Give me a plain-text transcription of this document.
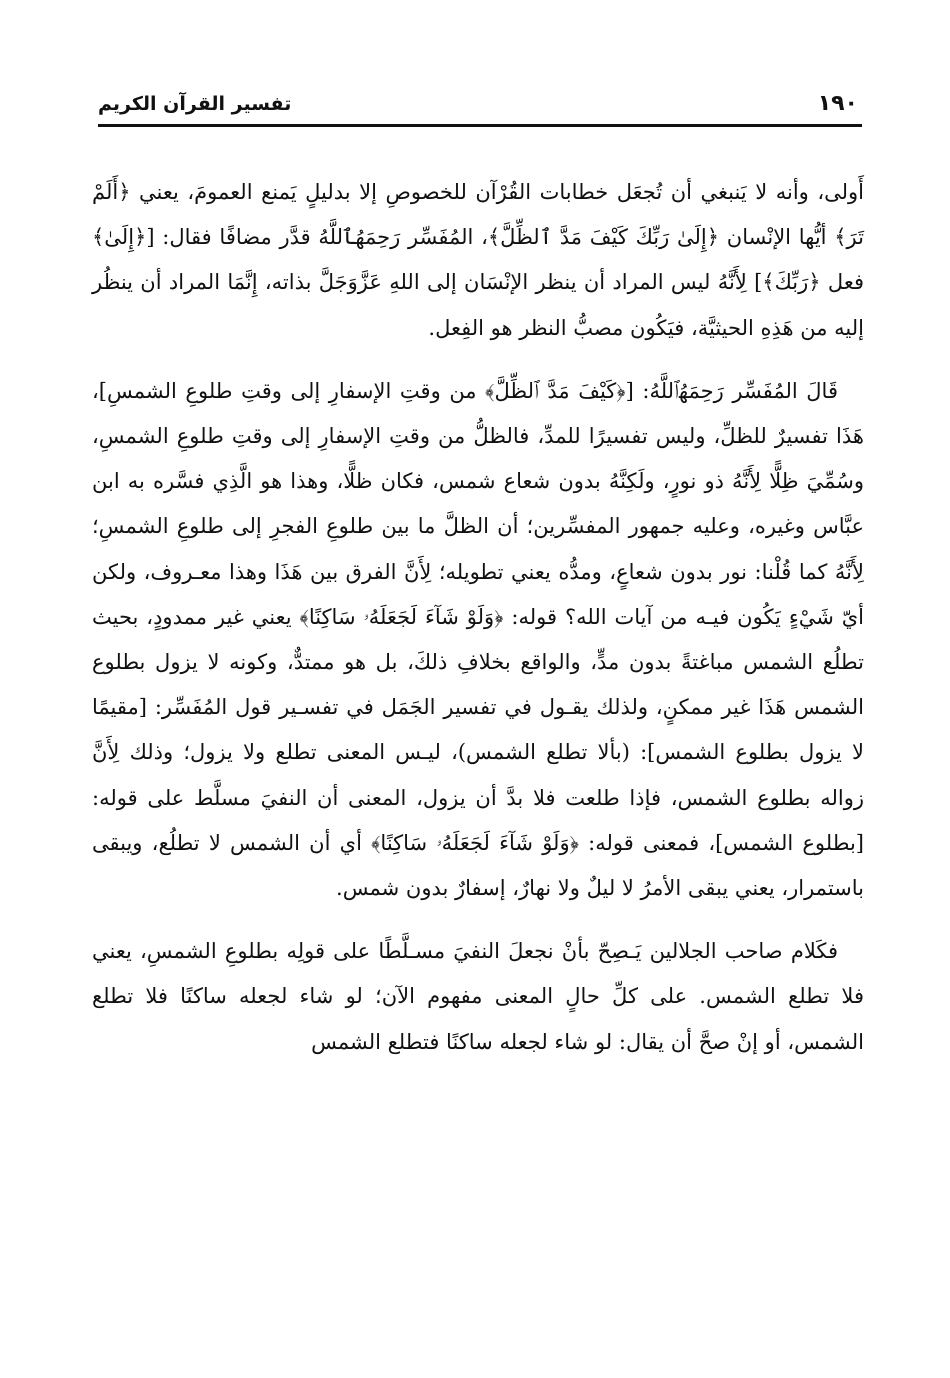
١٩٠
تفسير القرآن الكريم

أَولى، وأنه لا يَنبغي أن تُجعَل خطابات القُرْآن للخصوصِ إلا بدليلٍ يَمنع العمومَ، يعني ﴿أَلَمْ تَرَ﴾ أيُّها الإنْسان ﴿إِلَىٰ رَبِّكَ كَيْفَ مَدَّ ٱلظِّلَّ﴾، المُفَسِّر رَحِمَهُٱللَّهُ قدَّر مضافًا فقال: [﴿إِلَىٰ﴾ فعل ﴿رَبِّكَ﴾] لِأَنَّهُ ليس المراد أن ينظر الإنْسَان إلى اللهِ عَزَّوَجَلَّ بذاته، إِنَّمَا المراد أن ينظُر إليه من هَذِهِ الحيثيَّة، فيَكُون مصبُّ النظر هو الفِعل.

قَالَ المُفَسِّر رَحِمَهُٱللَّهُ: [﴿كَيْفَ مَدَّ ٱلظِّلَّ﴾ من وقتِ الإسفارِ إلى وقتِ طلوعِ الشمسِ]، هَذَا تفسيرٌ للظلِّ، وليس تفسيرًا للمدِّ، فالظلُّ من وقتِ الإسفارِ إلى وقتِ طلوعِ الشمسِ، وسُمِّيَ ظِلًّا لِأَنَّهُ ذو نورٍ، ولَكِنَّهُ بدون شعاع شمس، فكان ظلًّا، وهذا هو الَّذِي فسَّره به ابن عبَّاس وغيره، وعليه جمهور المفسِّرين؛ أن الظلَّ ما بين طلوعِ الفجرِ إلى طلوعِ الشمسِ؛ لِأَنَّهُ كما قُلْنا: نور بدون شعاعٍ، ومدُّه يعني تطويله؛ لِأَنَّ الفرق بين هَذَا وهذا معـروف، ولكن أيّ شَيْءٍ يَكُون فيـه من آيات الله؟ قوله: ﴿وَلَوْ شَآءَ لَجَعَلَهُۥ سَاكِنًا﴾ يعني غير ممدودٍ، بحيث تطلُع الشمس مباغتةً بدون مدٍّ، والواقع بخلافِ ذلكَ، بل هو ممتدٌّ، وكونه لا يزول بطلوع الشمس هَذَا غير ممكنٍ، ولذلك يقـول في تفسير الجَمَل في تفسـير قول المُفَسِّر: [مقيمًا لا يزول بطلوع الشمس]: (بألا تطلع الشمس)، ليـس المعنى تطلع ولا يزول؛ وذلك لِأَنَّ زواله بطلوع الشمس، فإذا طلعت فلا بدَّ أن يزول، المعنى أن النفيَ مسلَّط على قوله: [بطلوع الشمس]، فمعنى قوله: ﴿وَلَوْ شَآءَ لَجَعَلَهُۥ سَاكِنًا﴾ أي أن الشمس لا تطلُع، ويبقى باستمرار، يعني يبقى الأمرُ لا ليلٌ ولا نهارٌ، إسفارٌ بدون شمس.

فكَلام صاحب الجلالين يَـصِحّ بأنْ نجعلَ النفيَ مسـلَّطًا على قولِه بطلوعِ الشمسِ، يعني فلا تطلع الشمس. على كلِّ حالٍ المعنى مفهوم الآن؛ لو شاء لجعله ساكنًا فلا تطلع الشمس، أو إنْ صحَّ أن يقال: لو شاء لجعله ساكنًا فتطلع الشمس
